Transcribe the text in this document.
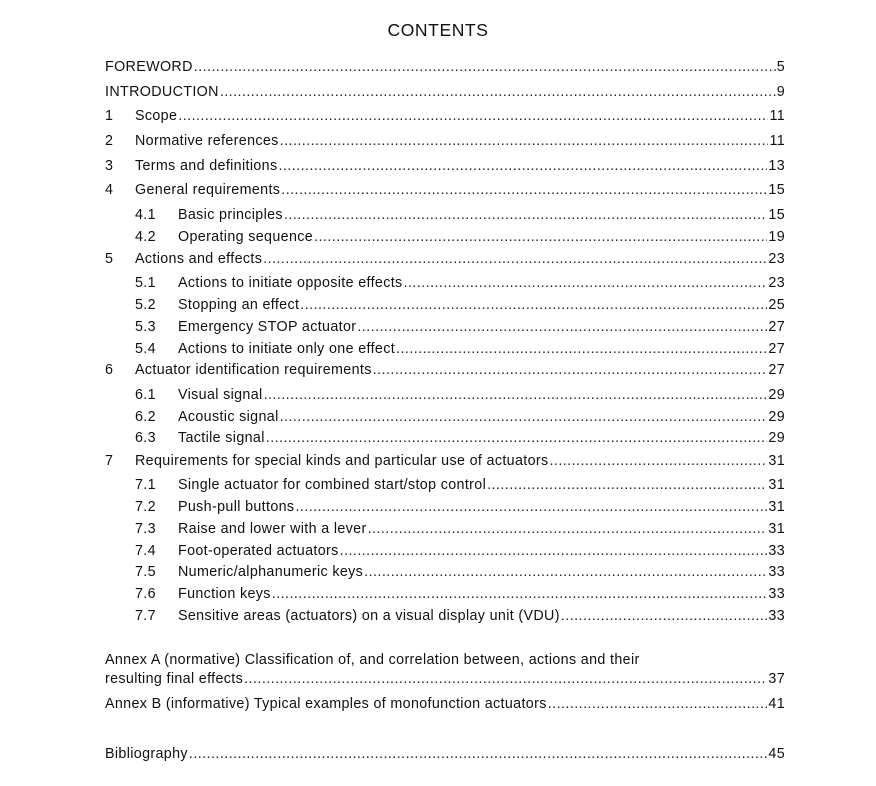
CONTENTS
FOREWORD .....	5
INTRODUCTION .....	9
1	Scope .....	11
2	Normative references .....	11
3	Terms and definitions .....	13
4	General requirements .....	15
4.1	Basic principles .....	15
4.2	Operating sequence .....	19
5	Actions and effects .....	23
5.1	Actions to initiate opposite effects .....	23
5.2	Stopping an effect .....	25
5.3	Emergency STOP actuator .....	27
5.4	Actions to initiate only one effect .....	27
6	Actuator identification requirements .....	27
6.1	Visual signal .....	29
6.2	Acoustic signal .....	29
6.3	Tactile signal .....	29
7	Requirements for special kinds and particular use of actuators .....	31
7.1	Single actuator for combined start/stop control .....	31
7.2	Push-pull buttons .....	31
7.3	Raise and lower with a lever .....	31
7.4	Foot-operated actuators .....	33
7.5	Numeric/alphanumeric keys .....	33
7.6	Function keys .....	33
7.7	Sensitive areas (actuators) on a visual display unit (VDU) .....	33
Annex A (normative) Classification of, and correlation between, actions and their
resulting final effects .....	37
Annex B (informative) Typical examples of monofunction actuators .....	41
Bibliography .....	45
